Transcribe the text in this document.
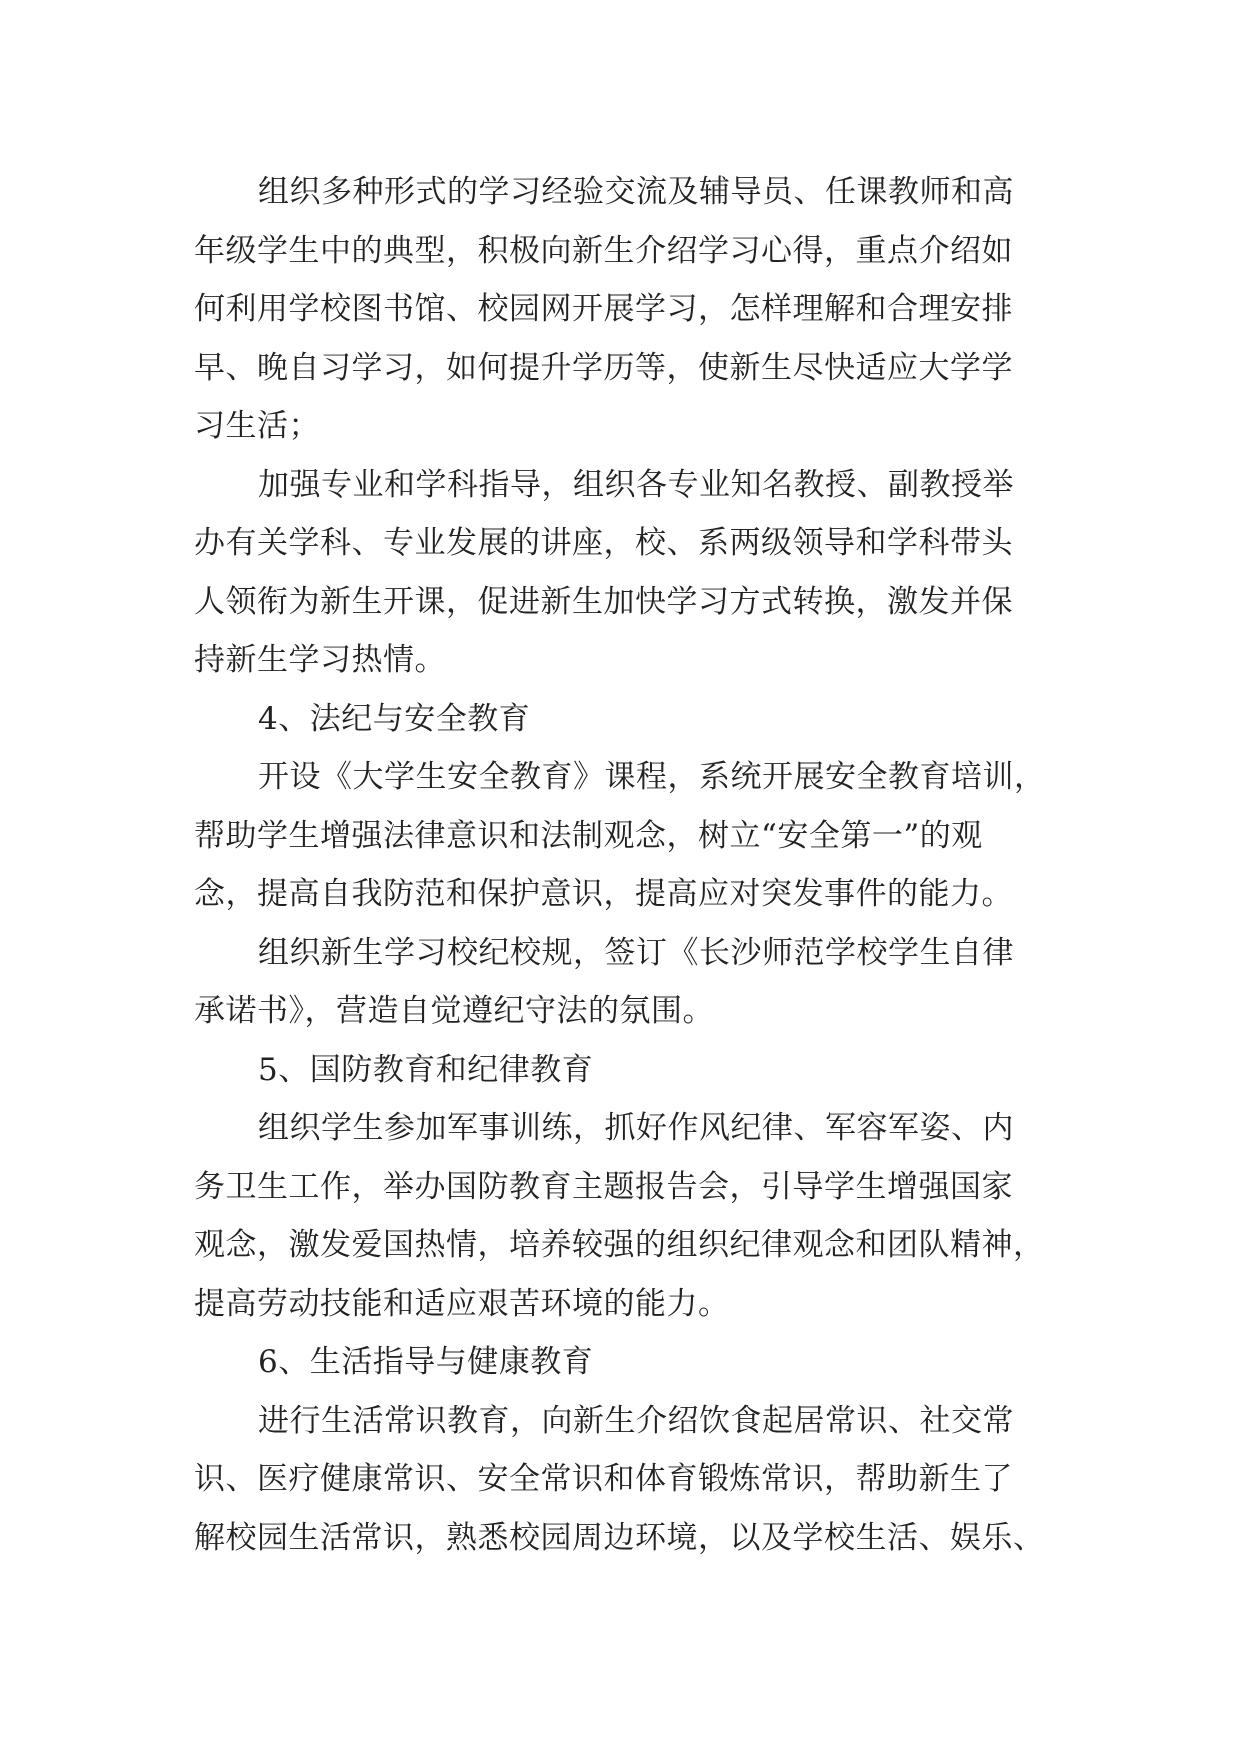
组织多种形式的学习经验交流及辅导员、任课教师和高
年级学生中的典型，积极向新生介绍学习心得，重点介绍如
何利用学校图书馆、校园网开展学习，怎样理解和合理安排
早、晚自习学习，如何提升学历等，使新生尽快适应大学学
习生活；
加强专业和学科指导，组织各专业知名教授、副教授举
办有关学科、专业发展的讲座，校、系两级领导和学科带头
人领衔为新生开课，促进新生加快学习方式转换，激发并保
持新生学习热情。
4、法纪与安全教育
开设《大学生安全教育》课程，系统开展安全教育培训，
帮助学生增强法律意识和法制观念，树立“安全第一”的观
念，提高自我防范和保护意识，提高应对突发事件的能力。
组织新生学习校纪校规，签订《长沙师范学校学生自律
承诺书》，营造自觉遵纪守法的氛围。
5、国防教育和纪律教育
组织学生参加军事训练，抓好作风纪律、军容军姿、内
务卫生工作，举办国防教育主题报告会，引导学生增强国家
观念，激发爱国热情，培养较强的组织纪律观念和团队精神，
提高劳动技能和适应艰苦环境的能力。
6、生活指导与健康教育
进行生活常识教育，向新生介绍饮食起居常识、社交常
识、医疗健康常识、安全常识和体育锻炼常识，帮助新生了
解校园生活常识，熟悉校园周边环境，以及学校生活、娱乐、
